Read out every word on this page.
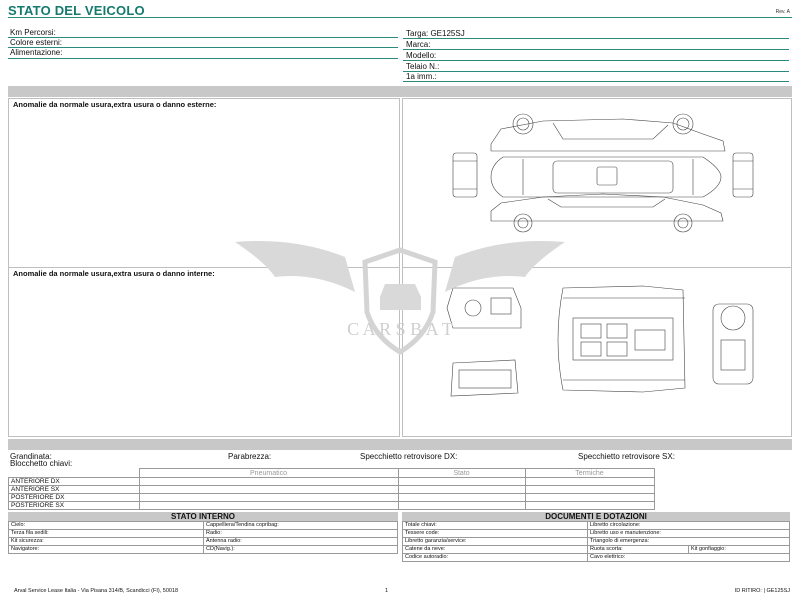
STATO DEL VEICOLO	Rev. A
Km Percorsi:
Colore esterni:
Alimentazione:
Targa: GE125SJ
Marca:
Modello:
Telaio N.:
1a imm.:
Anomalie da normale usura,extra usura o danno esterne:
Anomalie da normale usura,extra usura o danno interne:
C A R S B A T
Grandinata:	Parabrezza:	Specchietto retrovisore DX:	Specchietto retrovisore SX:
Blocchetto chiavi:
	Pneumatico	Stato	Termiche
ANTERIORE DX			
ANTERIORE SX			
POSTERIORE DX			
POSTERIORE SX			
STATO INTERNO
Cielo:	Cappelliera/Tendina copribag:
Terza fila sedili:	Radio:
Kit sicurezza:	Antenna radio:
Navigatore:	CD(Navig.):
DOCUMENTI E DOTAZIONI
Totale chiavi:	Libretto circolazione:	
Tessere code:	Libretto uso e manutenzione:	
Libretto garanzia/service:	Triangolo di emergenza:	
Catene da neve:	Ruota scorta:	Kit gonfiaggio:
Codice autoradio:	Cavo elettrico:	
Arval Service Lease Italia - Via Pisana 314/B, Scandicci (FI), 50018	1	ID RITIRO: | GE125SJ
